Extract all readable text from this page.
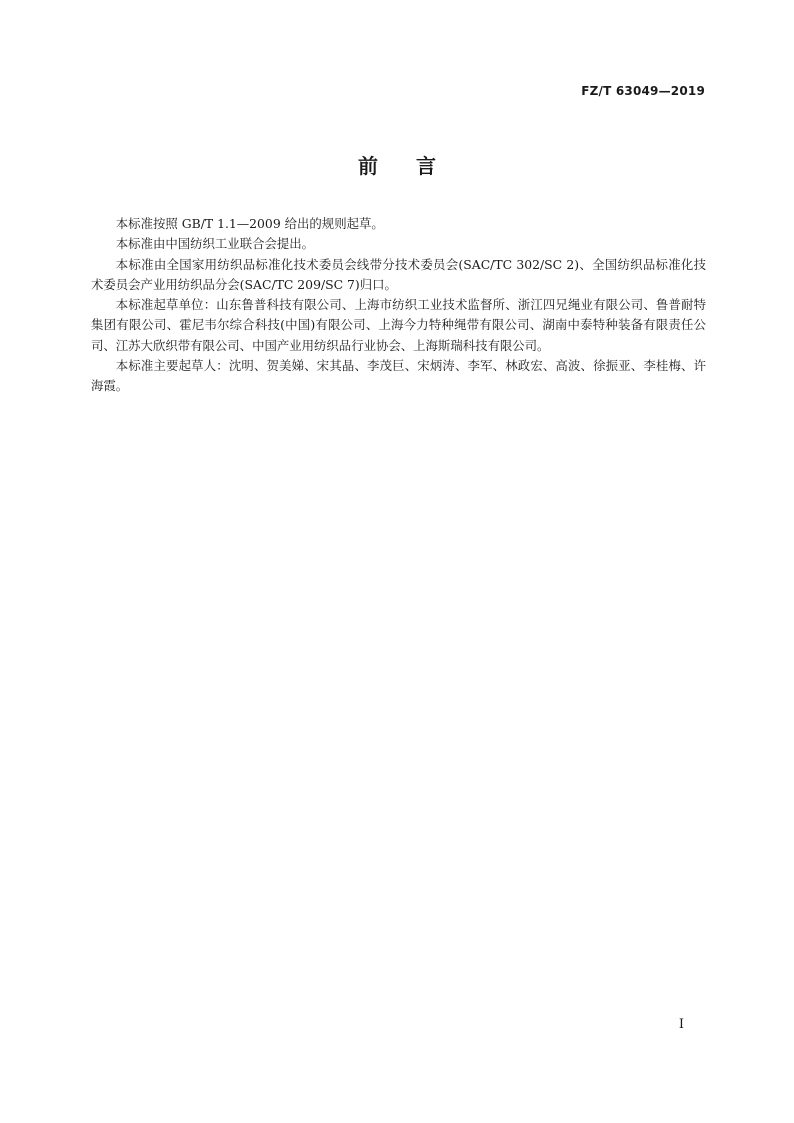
FZ/T 63049—2019
前言

本标准按照 GB/T 1.1—2009 给出的规则起草。

本标准由中国纺织工业联合会提出。

本标准由全国家用纺织品标准化技术委员会线带分技术委员会(SAC/TC 302/SC 2)、全国纺织品标准化技术委员会产业用纺织品分会(SAC/TC 209/SC 7)归口。

本标准起草单位：山东鲁普科技有限公司、上海市纺织工业技术监督所、浙江四兄绳业有限公司、鲁普耐特集团有限公司、霍尼韦尔综合科技(中国)有限公司、上海今力特种绳带有限公司、湖南中泰特种装备有限责任公司、江苏大欣织带有限公司、中国产业用纺织品行业协会、上海斯瑞科技有限公司。

本标准主要起草人：沈明、贺美娣、宋其晶、李茂巨、宋炳涛、李军、林政宏、高波、徐振亚、李桂梅、许海霞。

I
